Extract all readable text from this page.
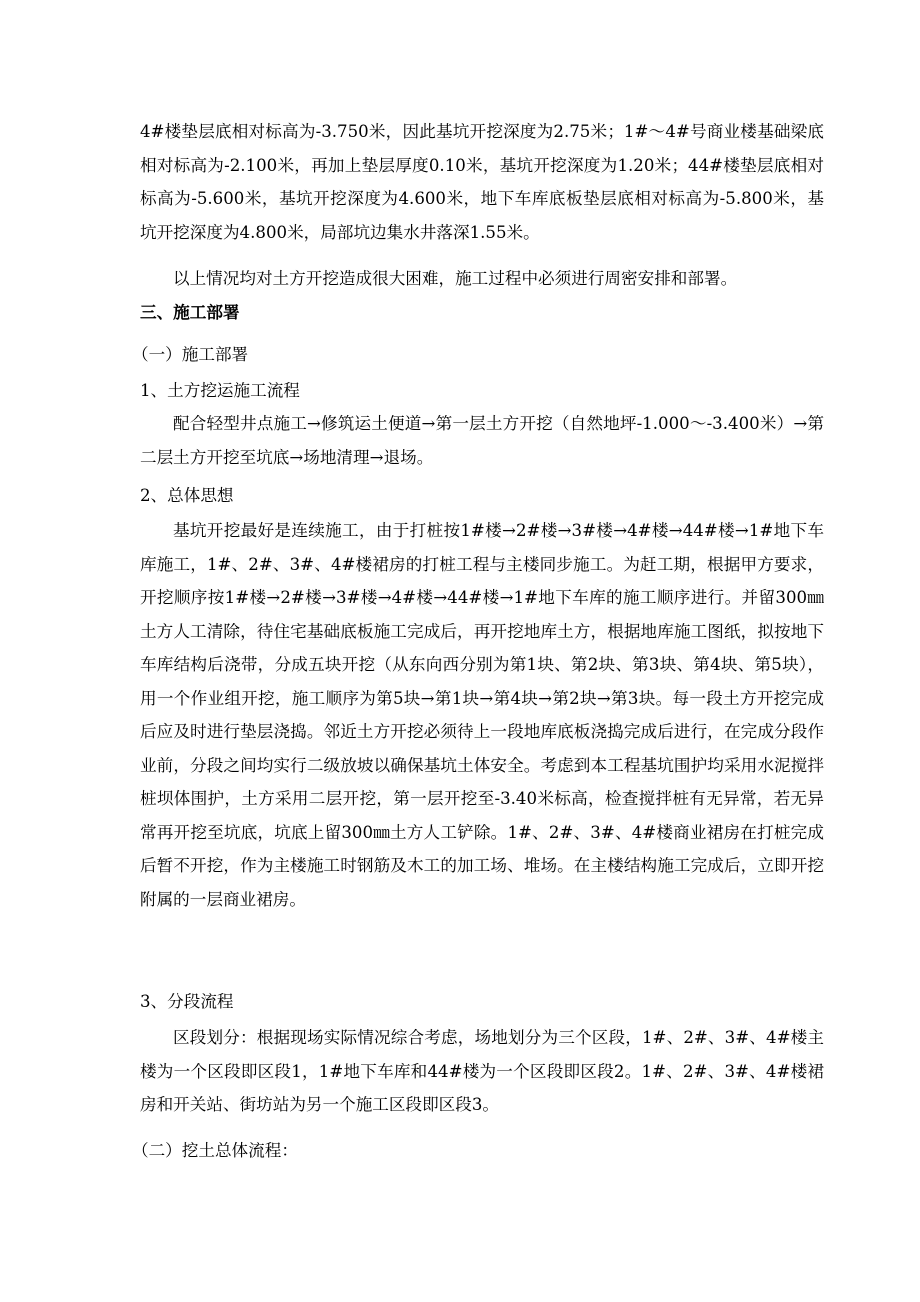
4#楼垫层底相对标高为-3.750米，因此基坑开挖深度为2.75米；1#～4#号商业楼基础梁底相对标高为-2.100米，再加上垫层厚度0.10米，基坑开挖深度为1.20米；44#楼垫层底相对标高为-5.600米，基坑开挖深度为4.600米，地下车库底板垫层底相对标高为-5.800米，基坑开挖深度为4.800米，局部坑边集水井落深1.55米。

以上情况均对土方开挖造成很大困难，施工过程中必须进行周密安排和部署。

三、施工部署

（一）施工部署

1、土方挖运施工流程

配合轻型井点施工→修筑运土便道→第一层土方开挖（自然地坪-1.000～-3.400米）→第二层土方开挖至坑底→场地清理→退场。

2、总体思想

基坑开挖最好是连续施工，由于打桩按1#楼→2#楼→3#楼→4#楼→44#楼→1#地下车库施工，1#、2#、3#、4#楼裙房的打桩工程与主楼同步施工。为赶工期，根据甲方要求，开挖顺序按1#楼→2#楼→3#楼→4#楼→44#楼→1#地下车库的施工顺序进行。并留300㎜土方人工清除，待住宅基础底板施工完成后，再开挖地库土方，根据地库施工图纸，拟按地下车库结构后浇带，分成五块开挖（从东向西分别为第1块、第2块、第3块、第4块、第5块），用一个作业组开挖，施工顺序为第5块→第1块→第4块→第2块→第3块。每一段土方开挖完成后应及时进行垫层浇捣。邻近土方开挖必须待上一段地库底板浇捣完成后进行，在完成分段作业前，分段之间均实行二级放坡以确保基坑土体安全。考虑到本工程基坑围护均采用水泥搅拌桩坝体围护，土方采用二层开挖，第一层开挖至-3.40米标高，检查搅拌桩有无异常，若无异常再开挖至坑底，坑底上留300㎜土方人工铲除。1#、2#、3#、4#楼商业裙房在打桩完成后暂不开挖，作为主楼施工时钢筋及木工的加工场、堆场。在主楼结构施工完成后，立即开挖附属的一层商业裙房。

3、分段流程

区段划分：根据现场实际情况综合考虑，场地划分为三个区段，1#、2#、3#、4#楼主楼为一个区段即区段1，1#地下车库和44#楼为一个区段即区段2。1#、2#、3#、4#楼裙房和开关站、街坊站为另一个施工区段即区段3。

（二）挖土总体流程：
